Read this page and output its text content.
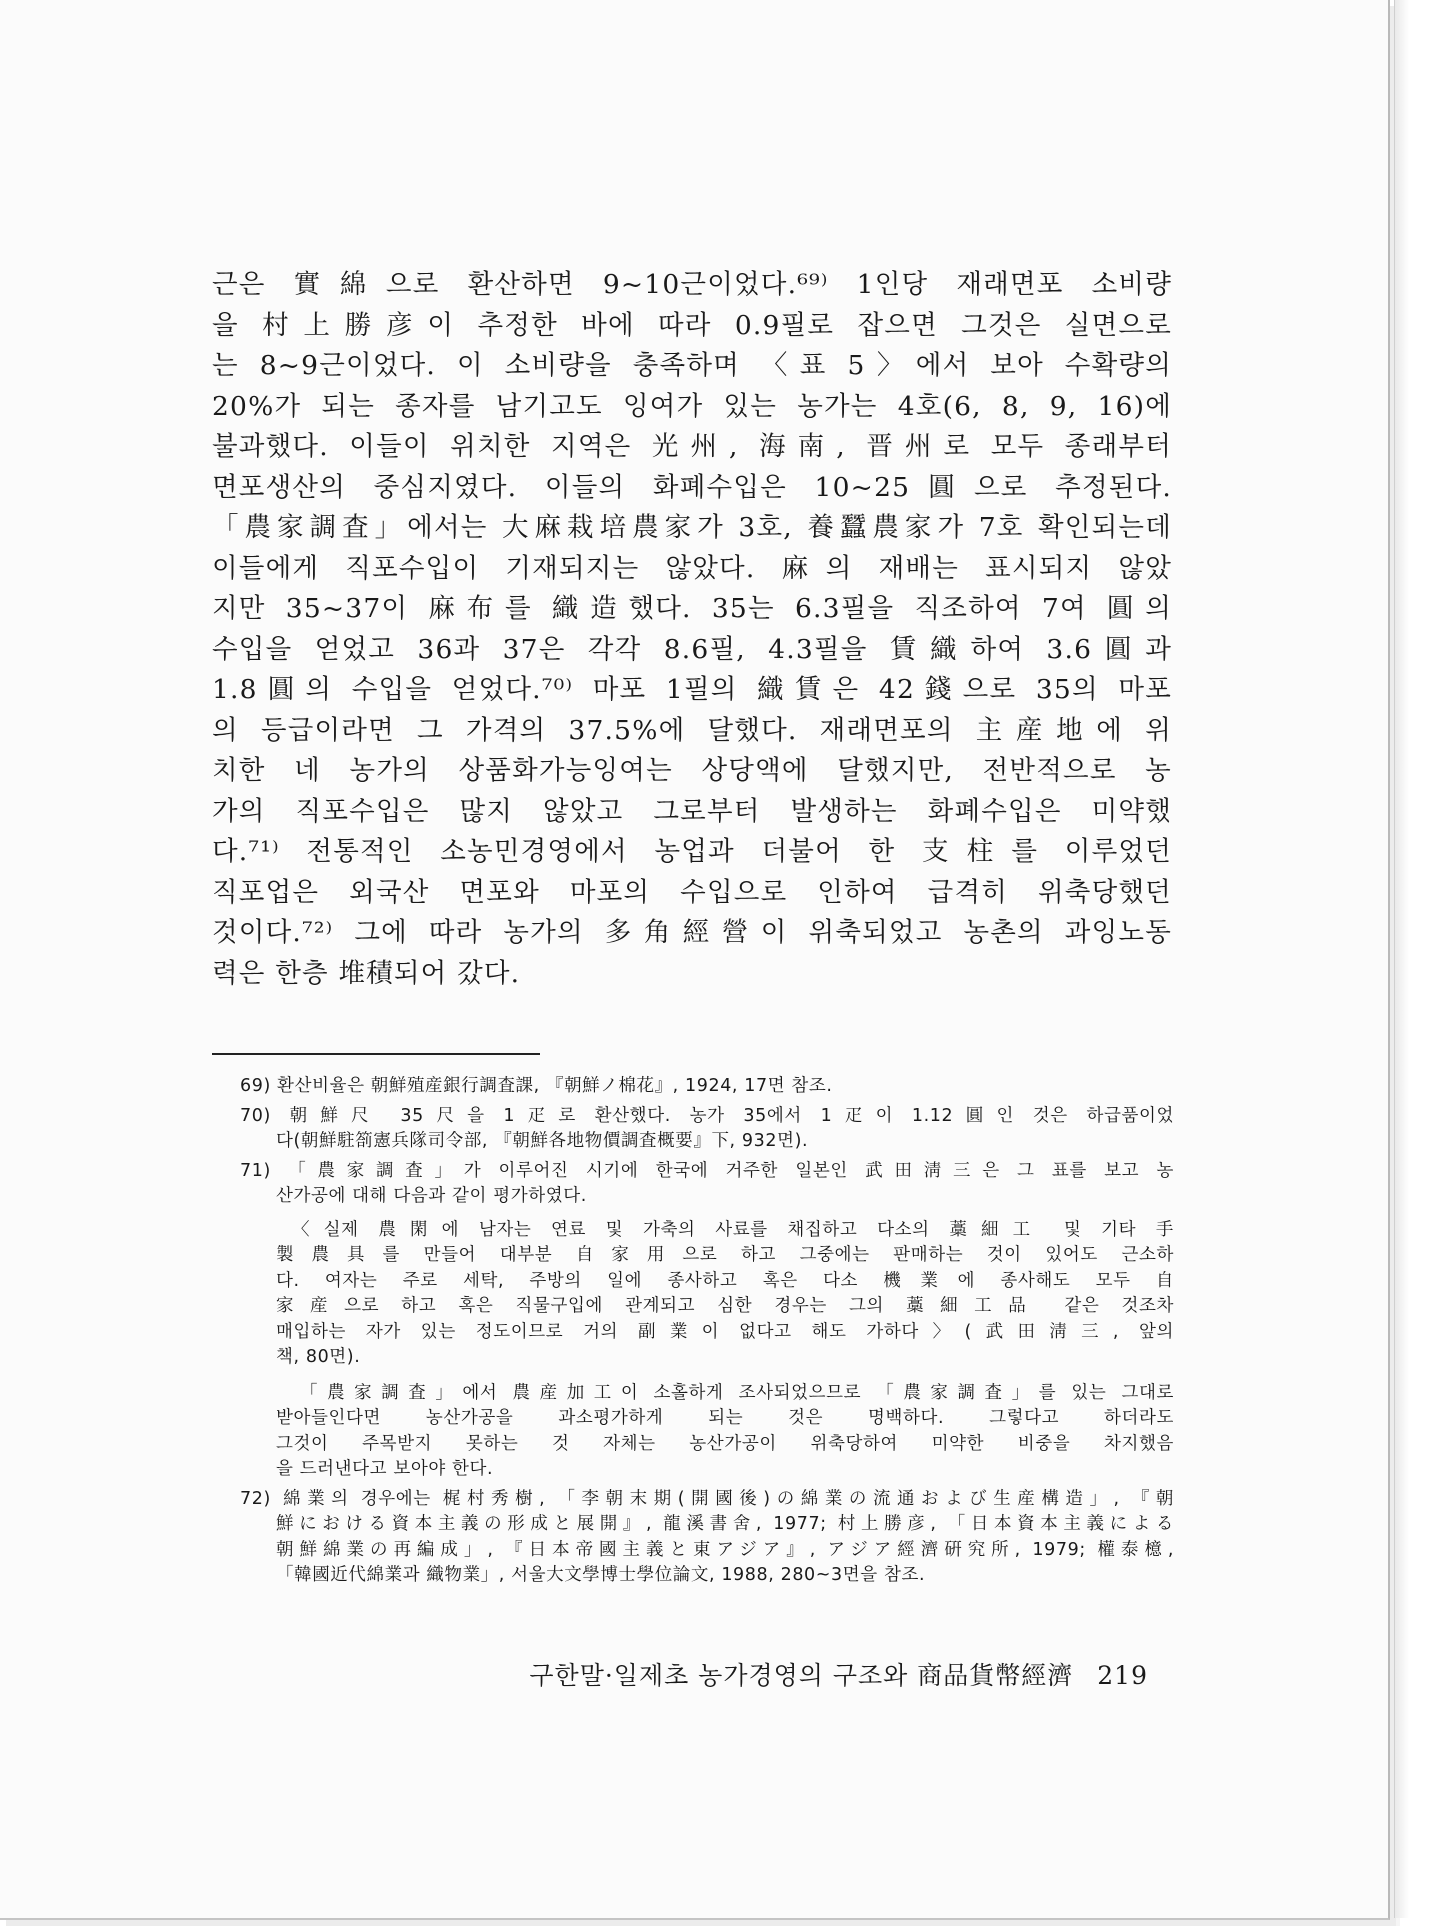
근은 實綿으로 환산하면 9~10근이었다.⁶⁹⁾ 1인당 재래면포 소비량
을 村上勝彦이 추정한 바에 따라 0.9필로 잡으면 그것은 실면으로
는 8~9근이었다. 이 소비량을 충족하며 〈표 5〉에서 보아 수확량의
20%가 되는 종자를 남기고도 잉여가 있는 농가는 4호(6, 8, 9, 16)에
불과했다. 이들이 위치한 지역은 光州, 海南, 晋州로 모두 종래부터
면포생산의 중심지였다. 이들의 화폐수입은 10~25圓으로 추정된다.
「農家調査」에서는 大麻栽培農家가 3호, 養蠶農家가 7호 확인되는데
이들에게 직포수입이 기재되지는 않았다. 麻의 재배는 표시되지 않았
지만 35~37이 麻布를 織造했다. 35는 6.3필을 직조하여 7여 圓의
수입을 얻었고 36과 37은 각각 8.6필, 4.3필을 賃織하여 3.6圓과
1.8圓의 수입을 얻었다.⁷⁰⁾ 마포 1필의 織賃은 42錢으로 35의 마포
의 등급이라면 그 가격의 37.5%에 달했다. 재래면포의 主産地에 위
치한 네 농가의 상품화가능잉여는 상당액에 달했지만, 전반적으로 농
가의 직포수입은 많지 않았고 그로부터 발생하는 화폐수입은 미약했
다.⁷¹⁾ 전통적인 소농민경영에서 농업과 더불어 한 支柱를 이루었던
직포업은 외국산 면포와 마포의 수입으로 인하여 급격히 위축당했던
것이다.⁷²⁾ 그에 따라 농가의 多角經營이 위축되었고 농촌의 과잉노동
력은 한층 堆積되어 갔다.
69) 환산비율은 朝鮮殖産銀行調査課, 『朝鮮ノ棉花』, 1924, 17면 참조.
70) 朝鮮尺 35尺을 1疋로 환산했다. 농가 35에서 1疋이 1.12圓인 것은 하급품이었
다(朝鮮駐箚憲兵隊司令部, 『朝鮮各地物價調査概要』下, 932면).
71) 「農家調査」가 이루어진 시기에 한국에 거주한 일본인 武田淸三은 그 표를 보고 농
산가공에 대해 다음과 같이 평가하였다.
〈실제 農閑에 남자는 연료 및 가축의 사료를 채집하고 다소의 藁細工 및 기타 手
製農具를 만들어 대부분 自家用으로 하고 그중에는 판매하는 것이 있어도 근소하
다. 여자는 주로 세탁, 주방의 일에 종사하고 혹은 다소 機業에 종사해도 모두 自
家産으로 하고 혹은 직물구입에 관계되고 심한 경우는 그의 藁細工品 같은 것조차
매입하는 자가 있는 정도이므로 거의 副業이 없다고 해도 가하다〉(武田淸三, 앞의
책, 80면).
「農家調査」에서 農産加工이 소홀하게 조사되었으므로 「農家調査」를 있는 그대로
받아들인다면 농산가공을 과소평가하게 되는 것은 명백하다. 그렇다고 하더라도
그것이 주목받지 못하는 것 자체는 농산가공이 위축당하여 미약한 비중을 차지했음
을 드러낸다고 보아야 한다.
72) 綿業의 경우에는 梶村秀樹, 「李朝末期(開國後)の綿業の流通および生産構造」, 『朝
鮮における資本主義の形成と展開』, 龍溪書舍, 1977; 村上勝彦, 「日本資本主義による
朝鮮綿業の再編成」, 『日本帝國主義と東アジア』, アジア經濟硏究所, 1979; 權泰檍,
「韓國近代綿業과 織物業」, 서울大文學博士學位論文, 1988, 280~3면을 참조.
구한말·일제초 농가경영의 구조와 商品貨幣經濟 219
